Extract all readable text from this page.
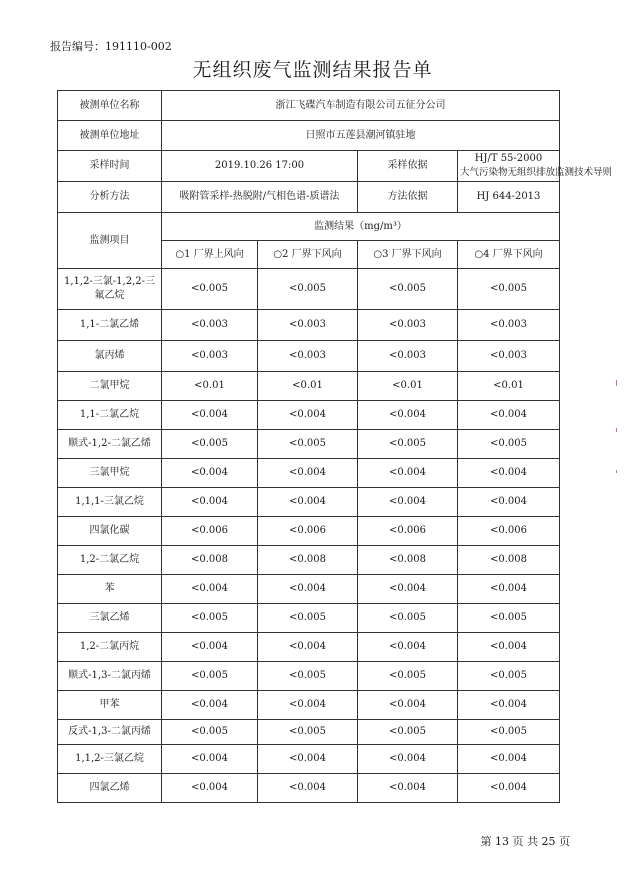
报告编号：191110-002
无组织废气监测结果报告单
被测单位名称	浙江飞碟汽车制造有限公司五征分公司			
被测单位地址	日照市五莲县潮河镇驻地			
采样时间	2019.10.26 17:00		采样依据	HJ/T 55-2000
大气污染物无组织排放监测技术导则

分析方法	吸附管采样-热脱附/气相色谱-质谱法		方法依据	HJ 644-2013
监测项目	监测结果（mg/m³）			
	○1 厂界上风向	○2 厂界下风向	○3 厂界下风向	○4 厂界下风向
1,1,2-三氯-1,2,2-三氟乙烷	<0.005	<0.005	<0.005	<0.005
1,1-二氯乙烯	<0.003	<0.003	<0.003	<0.003
氯丙烯	<0.003	<0.003	<0.003	<0.003
二氯甲烷	<0.01	<0.01	<0.01	<0.01
1,1-二氯乙烷	<0.004	<0.004	<0.004	<0.004
顺式-1,2-二氯乙烯	<0.005	<0.005	<0.005	<0.005
三氯甲烷	<0.004	<0.004	<0.004	<0.004
1,1,1-三氯乙烷	<0.004	<0.004	<0.004	<0.004
四氯化碳	<0.006	<0.006	<0.006	<0.006
1,2-二氯乙烷	<0.008	<0.008	<0.008	<0.008
苯	<0.004	<0.004	<0.004	<0.004
三氯乙烯	<0.005	<0.005	<0.005	<0.005
1,2-二氯丙烷	<0.004	<0.004	<0.004	<0.004
顺式-1,3-二氯丙烯	<0.005	<0.005	<0.005	<0.005
甲苯	<0.004	<0.004	<0.004	<0.004
反式-1,3-二氯丙烯	<0.005	<0.005	<0.005	<0.005
1,1,2-三氯乙烷	<0.004	<0.004	<0.004	<0.004
四氯乙烯	<0.004	<0.004	<0.004	<0.004
第 13 页 共 25 页
